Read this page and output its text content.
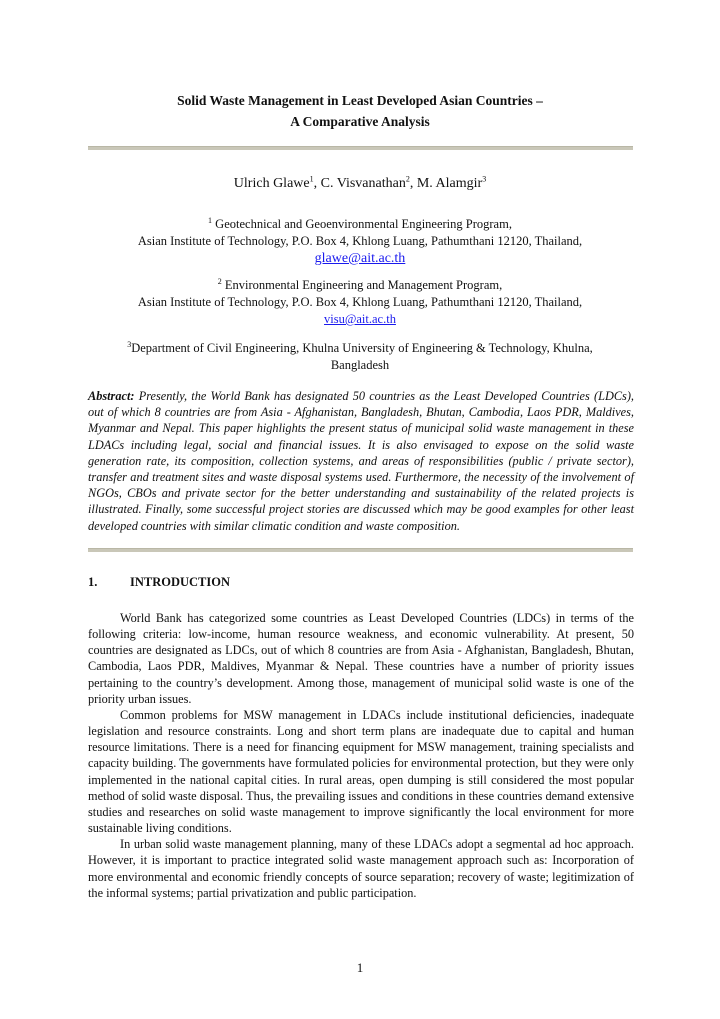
Solid Waste Management in Least Developed Asian Countries –
A Comparative Analysis
Ulrich Glawe$^1$, C. Visvanathan$^2$, M. Alamgir$^3$
$^1$ Geotechnical and Geoenvironmental Engineering Program,
Asian Institute of Technology, P.O. Box 4, Khlong Luang, Pathumthani 12120, Thailand,
glawe@ait.ac.th
$^2$ Environmental Engineering and Management Program,
Asian Institute of Technology, P.O. Box 4, Khlong Luang, Pathumthani 12120, Thailand,
visu@ait.ac.th
$^3$Department of Civil Engineering, Khulna University of Engineering & Technology, Khulna,
Bangladesh
Abstract: Presently, the World Bank has designated 50 countries as the Least Developed Countries (LDCs), out of which 8 countries are from Asia - Afghanistan, Bangladesh, Bhutan, Cambodia, Laos PDR, Maldives, Myanmar and Nepal. This paper highlights the present status of municipal solid waste management in these LDACs including legal, social and financial issues. It is also envisaged to expose on the solid waste generation rate, its composition, collection systems, and areas of responsibilities (public / private sector), transfer and treatment sites and waste disposal systems used. Furthermore, the necessity of the involvement of NGOs, CBOs and private sector for the better understanding and sustainability of the related projects is illustrated. Finally, some successful project stories are discussed which may be good examples for other least developed countries with similar climatic condition and waste composition.
1.	INTRODUCTION

World Bank has categorized some countries as Least Developed Countries (LDCs) in terms of the following criteria: low-income, human resource weakness, and economic vulnerability. At present, 50 countries are designated as LDCs, out of which 8 countries are from Asia - Afghanistan, Bangladesh, Bhutan, Cambodia, Laos PDR, Maldives, Myanmar & Nepal. These countries have a number of priority issues pertaining to the country’s development. Among those, management of municipal solid waste is one of the priority urban issues.

Common problems for MSW management in LDACs include institutional deficiencies, inadequate legislation and resource constraints. Long and short term plans are inadequate due to capital and human resource limitations. There is a need for financing equipment for MSW management, training specialists and capacity building. The governments have formulated policies for environmental protection, but they were only implemented in the national capital cities. In rural areas, open dumping is still considered the most popular method of solid waste disposal. Thus, the prevailing issues and conditions in these countries demand extensive studies and researches on solid waste management to improve significantly the local environment for more sustainable living conditions.

In urban solid waste management planning, many of these LDACs adopt a segmental ad hoc approach. However, it is important to practice integrated solid waste management approach such as: Incorporation of more environmental and economic friendly concepts of source separation; recovery of waste; legitimization of the informal systems; partial privatization and public participation.

1
